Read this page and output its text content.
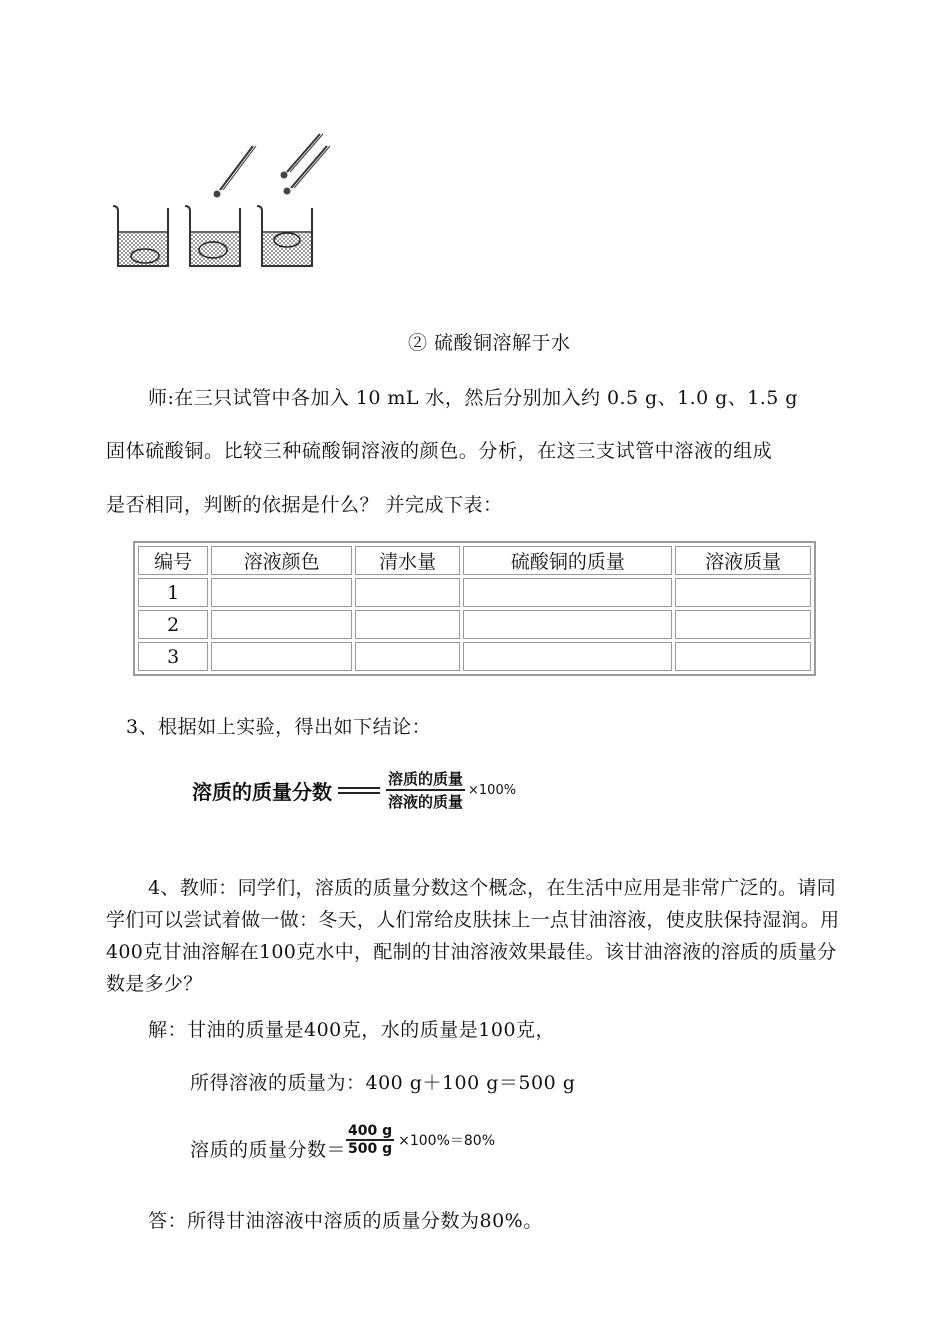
② 硫酸铜溶解于水
师:在三只试管中各加入 10 mL 水，然后分别加入约 0.5 g、1.0 g、1.5 g
固体硫酸铜。比较三种硫酸铜溶液的颜色。分析，在这三支试管中溶液的组成
是否相同，判断的依据是什么？ 并完成下表：
编号	溶液颜色	清水量	硫酸铜的质量	溶液质量
1				
2				
3				
3、根据如上实验，得出如下结论：
溶质的质量分数	$\frac{\text{溶质的质量}}{\text{溶液的质量}} \times 100\%$
4、教师：同学们，溶质的质量分数这个概念，在生活中应用是非常广泛的。请同学们可以尝试着做一做：冬天，人们常给皮肤抹上一点甘油溶液，使皮肤保持湿润。用400克甘油溶解在100克水中，配制的甘油溶液效果最佳。该甘油溶液的溶质的质量分数是多少？
解：甘油的质量是400克，水的质量是100克，
所得溶液的质量为：400 g＋100 g＝500 g
溶质的质量分数＝ $\frac{400 g}{500 g} \times 100\%=80\%$
答：所得甘油溶液中溶质的质量分数为80%。
